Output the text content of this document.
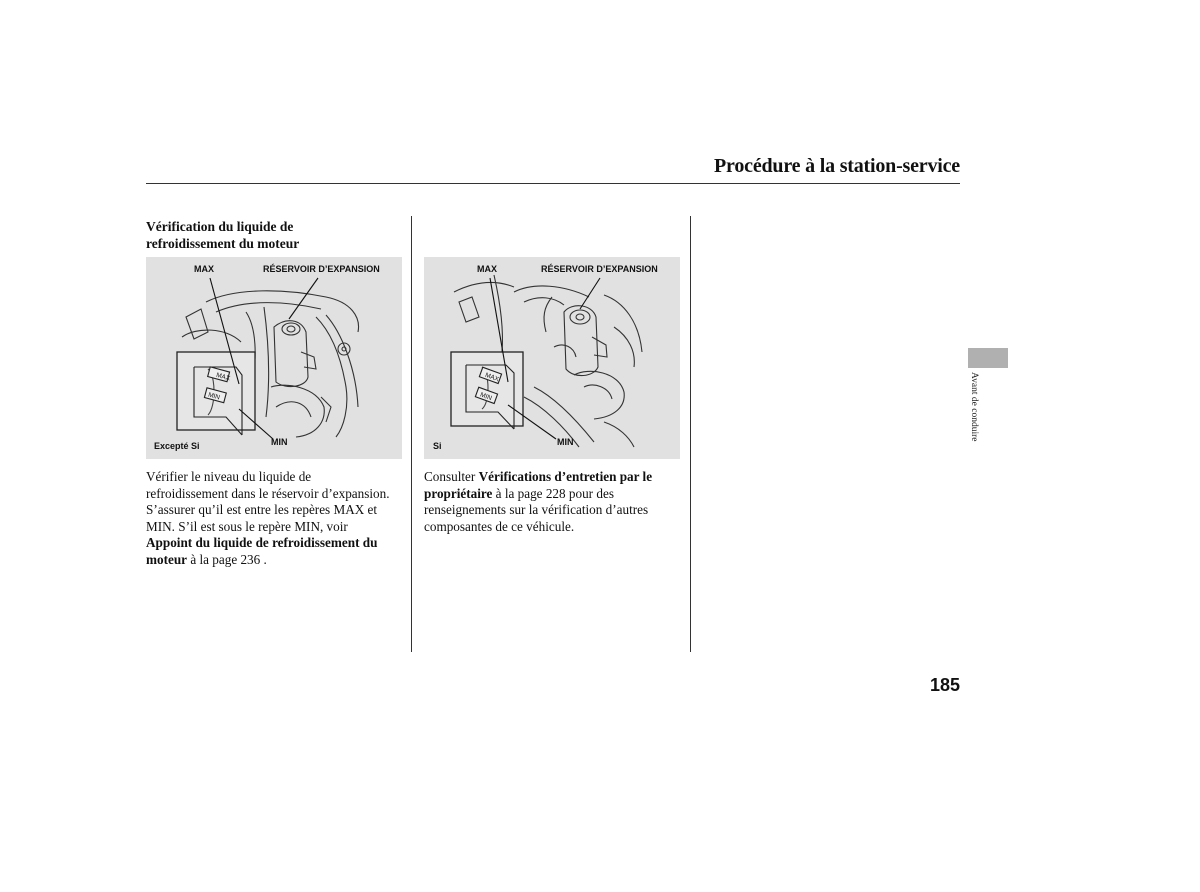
Procédure à la station-service
Vérification du liquide de
refroidissement du moteur
MAX
MIN
MAX	RÉSERVOIR D’EXPANSION
Excepté Si	MIN
MAX
MIN
MAX	RÉSERVOIR D’EXPANSION
Si	MIN
Vérifier le niveau du liquide de
refroidissement dans le réservoir d’expansion.
S’assurer qu’il est entre les repères MAX et
MIN. S’il est sous le repère MIN, voir
Appoint du liquide de refroidissement du
moteur à la page 236 .
Consulter Vérifications d’entretien par le
propriétaire à la page 228 pour des
renseignements sur la vérification d’autres
composantes de ce véhicule.
Avant de conduire
185
